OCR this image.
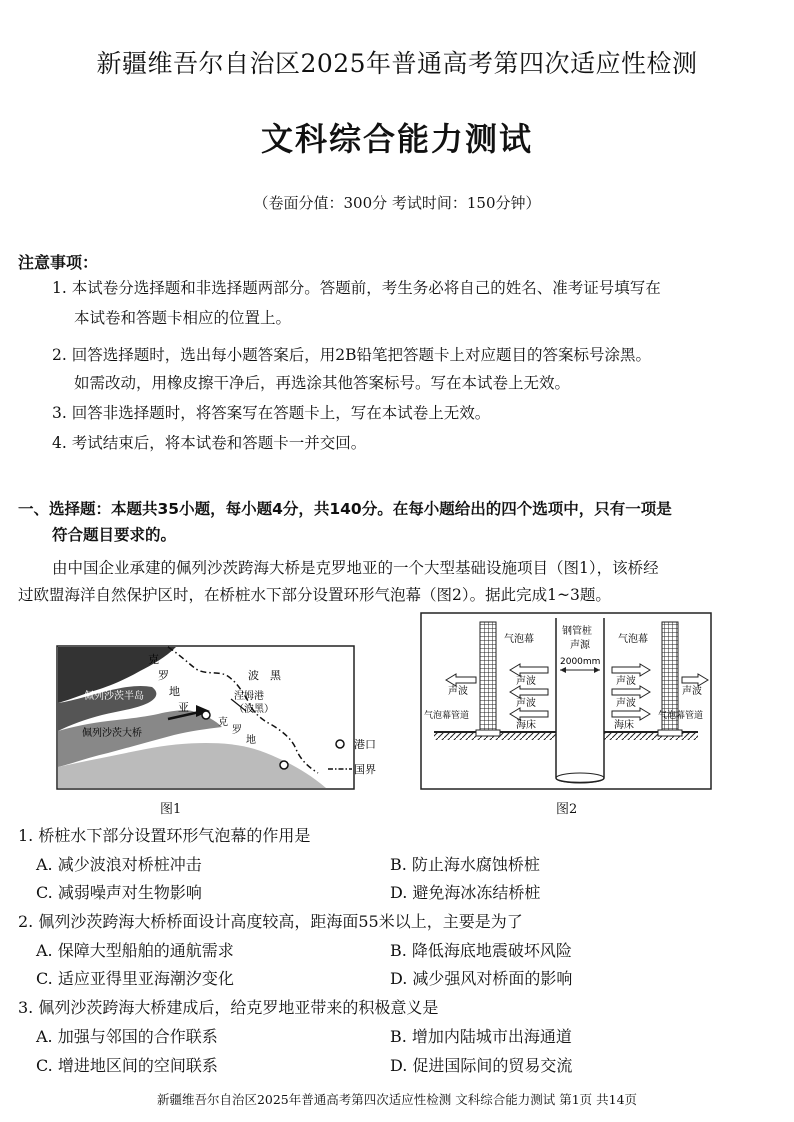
新疆维吾尔自治区2025年普通高考第四次适应性检测
文科综合能力测试
（卷面分值：300分 考试时间：150分钟）
注意事项：
1. 本试卷分选择题和非选择题两部分。答题前，考生务必将自己的姓名、准考证号填写在
本试卷和答题卡相应的位置上。
2. 回答选择题时，选出每小题答案后，用2B铅笔把答题卡上对应题目的答案标号涂黑。
如需改动，用橡皮擦干净后，再选涂其他答案标号。写在本试卷上无效。
3. 回答非选择题时，将答案写在答题卡上，写在本试卷上无效。
4. 考试结束后，将本试卷和答题卡一并交回。
一、选择题：本题共35小题，每小题4分，共140分。在每小题给出的四个选项中，只有一项是
符合题目要求的。
由中国企业承建的佩列沙茨跨海大桥是克罗地亚的一个大型基础设施项目（图1），该桥经
过欧盟海洋自然保护区时，在桥桩水下部分设置环形气泡幕（图2）。据此完成1~3题。
克
罗
地
亚
波 黑
佩列沙茨半岛
佩列沙茨大桥
涅姆港
（波黑）
克
罗
地	港口
国界
图1
气泡幕	气泡幕
钢管桩
声源
2000mm
声波
声波
声波
声波
声波
声波
海床	海床
气泡幕管道	气泡幕管道
图2
1. 桥桩水下部分设置环形气泡幕的作用是
A. 减少波浪对桥桩冲击	B. 防止海水腐蚀桥桩
C. 减弱噪声对生物影响	D. 避免海冰冻结桥桩
2. 佩列沙茨跨海大桥桥面设计高度较高，距海面55米以上，主要是为了
A. 保障大型船舶的通航需求	B. 降低海底地震破坏风险
C. 适应亚得里亚海潮汐变化	D. 减少强风对桥面的影响
3. 佩列沙茨跨海大桥建成后，给克罗地亚带来的积极意义是
A. 加强与邻国的合作联系	B. 增加内陆城市出海通道
C. 增进地区间的空间联系	D. 促进国际间的贸易交流
新疆维吾尔自治区2025年普通高考第四次适应性检测 文科综合能力测试 第1页 共14页
